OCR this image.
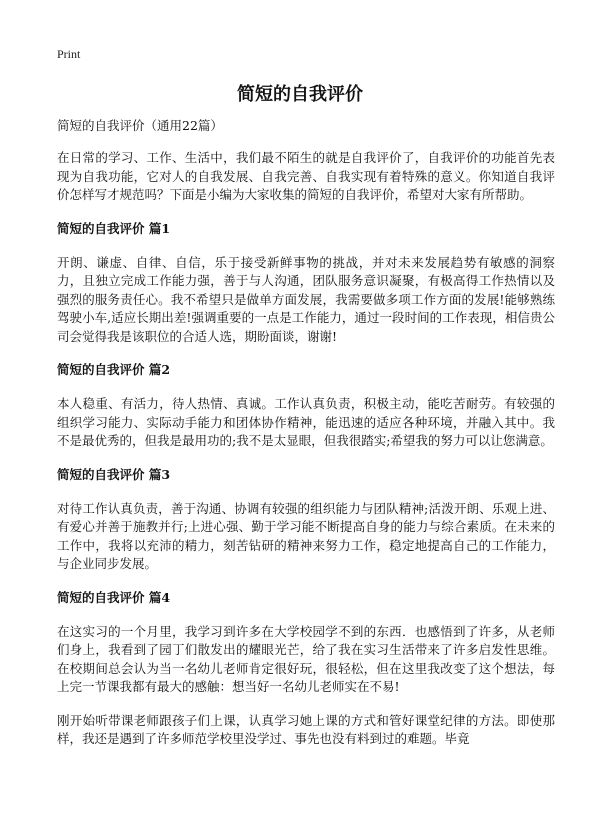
Print
简短的自我评价

简短的自我评价（通用22篇）

在日常的学习、工作、生活中，我们最不陌生的就是自我评价了，自我评价的功能首先表现为自我功能，它对人的自我发展、自我完善、自我实现有着特殊的意义。你知道自我评价怎样写才规范吗？下面是小编为大家收集的简短的自我评价，希望对大家有所帮助。

简短的自我评价 篇1

开朗、谦虚、自律、自信，乐于接受新鲜事物的挑战，并对未来发展趋势有敏感的洞察力，且独立完成工作能力强，善于与人沟通，团队服务意识凝聚，有极高得工作热情以及强烈的服务责任心。我不希望只是做单方面发展，我需要做多项工作方面的发展!能够熟练驾驶小车,适应长期出差!强调重要的一点是工作能力，通过一段时间的工作表现，相信贵公司会觉得我是该职位的合适人选，期盼面谈，谢谢!

简短的自我评价 篇2

本人稳重、有活力，待人热情、真诚。工作认真负责，积极主动，能吃苦耐劳。有较强的组织学习能力、实际动手能力和团体协作精神，能迅速的适应各种环境，并融入其中。我不是最优秀的，但我是最用功的;我不是太显眼，但我很踏实;希望我的努力可以让您满意。

简短的自我评价 篇3

对待工作认真负责，善于沟通、协调有较强的组织能力与团队精神;活泼开朗、乐观上进、有爱心并善于施教并行;上进心强、勤于学习能不断提高自身的能力与综合素质。在未来的工作中，我将以充沛的精力，刻苦钻研的精神来努力工作，稳定地提高自己的工作能力，与企业同步发展。

简短的自我评价 篇4

在这实习的一个月里，我学习到许多在大学校园学不到的东西．也感悟到了许多，从老师们身上，我看到了园丁们散发出的耀眼光芒，给了我在实习生活带来了许多启发性思维。在校期间总会认为当一名幼儿老师肯定很好玩，很轻松，但在这里我改变了这个想法，每上完一节课我都有最大的感触：想当好一名幼儿老师实在不易!

刚开始听带课老师跟孩子们上课，认真学习她上课的方式和管好课堂纪律的方法。即使那样，我还是遇到了许多师范学校里没学过、事先也没有料到过的难题。毕竟
